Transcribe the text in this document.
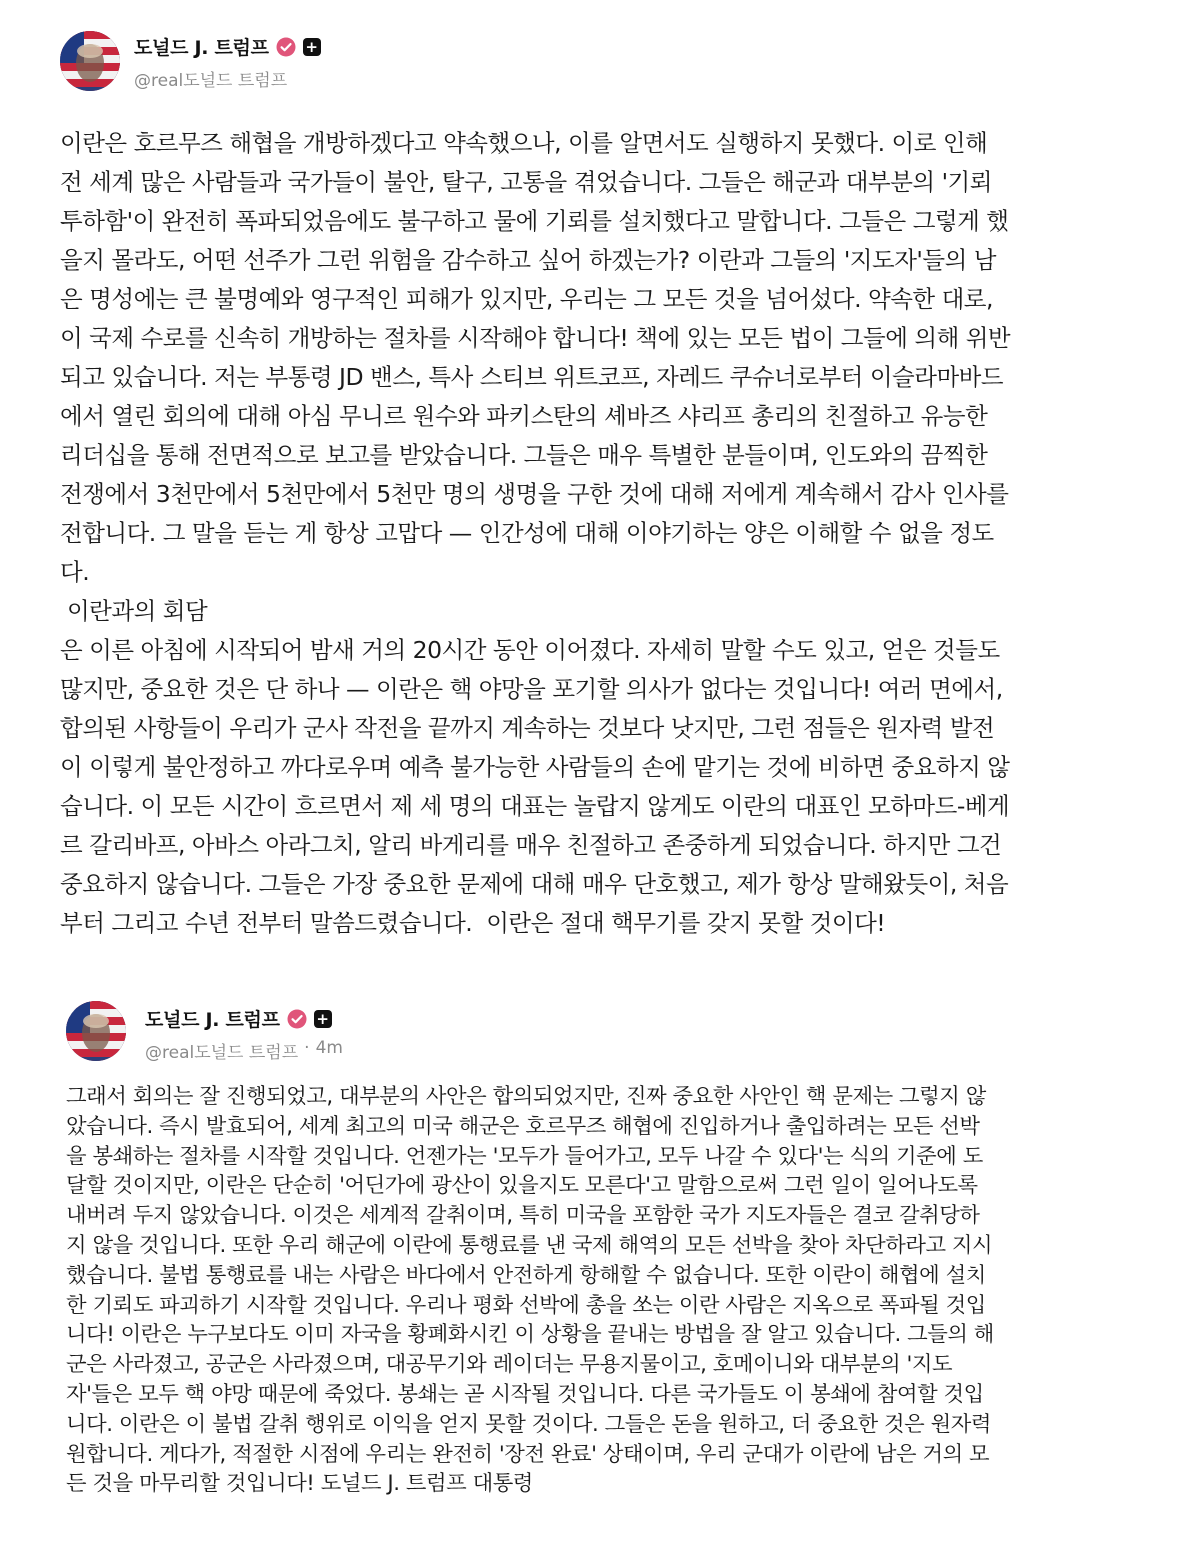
도널드 J. 트럼프 +
@real도널드 트럼프

이란은 호르무즈 해협을 개방하겠다고 약속했으나, 이를 알면서도 실행하지 못했다. 이로 인해
전 세계 많은 사람들과 국가들이 불안, 탈구, 고통을 겪었습니다. 그들은 해군과 대부분의 '기뢰
투하함'이 완전히 폭파되었음에도 불구하고 물에 기뢰를 설치했다고 말합니다. 그들은 그렇게 했
을지 몰라도, 어떤 선주가 그런 위험을 감수하고 싶어 하겠는가? 이란과 그들의 '지도자'들의 남
은 명성에는 큰 불명예와 영구적인 피해가 있지만, 우리는 그 모든 것을 넘어섰다. 약속한 대로,
이 국제 수로를 신속히 개방하는 절차를 시작해야 합니다! 책에 있는 모든 법이 그들에 의해 위반
되고 있습니다. 저는 부통령 JD 밴스, 특사 스티브 위트코프, 자레드 쿠슈너로부터 이슬라마바드
에서 열린 회의에 대해 아심 무니르 원수와 파키스탄의 셰바즈 샤리프 총리의 친절하고 유능한
리더십을 통해 전면적으로 보고를 받았습니다. 그들은 매우 특별한 분들이며, 인도와의 끔찍한
전쟁에서 3천만에서 5천만에서 5천만 명의 생명을 구한 것에 대해 저에게 계속해서 감사 인사를
전합니다. 그 말을 듣는 게 항상 고맙다 — 인간성에 대해 이야기하는 양은 이해할 수 없을 정도
다.
이란과의 회담
은 이른 아침에 시작되어 밤새 거의 20시간 동안 이어졌다. 자세히 말할 수도 있고, 얻은 것들도
많지만, 중요한 것은 단 하나 — 이란은 핵 야망을 포기할 의사가 없다는 것입니다! 여러 면에서,
합의된 사항들이 우리가 군사 작전을 끝까지 계속하는 것보다 낫지만, 그런 점들은 원자력 발전
이 이렇게 불안정하고 까다로우며 예측 불가능한 사람들의 손에 맡기는 것에 비하면 중요하지 않
습니다. 이 모든 시간이 흐르면서 제 세 명의 대표는 놀랍지 않게도 이란의 대표인 모하마드-베게
르 갈리바프, 아바스 아라그치, 알리 바게리를 매우 친절하고 존중하게 되었습니다. 하지만 그건
중요하지 않습니다. 그들은 가장 중요한 문제에 대해 매우 단호했고, 제가 항상 말해왔듯이, 처음
부터 그리고 수년 전부터 말씀드렸습니다.  이란은 절대 핵무기를 갖지 못할 것이다!

도널드 J. 트럼프 +
@real도널드 트럼프 · 4m

그래서 회의는 잘 진행되었고, 대부분의 사안은 합의되었지만, 진짜 중요한 사안인 핵 문제는 그렇지 않
았습니다. 즉시 발효되어, 세계 최고의 미국 해군은 호르무즈 해협에 진입하거나 출입하려는 모든 선박
을 봉쇄하는 절차를 시작할 것입니다. 언젠가는 '모두가 들어가고, 모두 나갈 수 있다'는 식의 기준에 도
달할 것이지만, 이란은 단순히 '어딘가에 광산이 있을지도 모른다'고 말함으로써 그런 일이 일어나도록
내버려 두지 않았습니다. 이것은 세계적 갈취이며, 특히 미국을 포함한 국가 지도자들은 결코 갈취당하
지 않을 것입니다. 또한 우리 해군에 이란에 통행료를 낸 국제 해역의 모든 선박을 찾아 차단하라고 지시
했습니다. 불법 통행료를 내는 사람은 바다에서 안전하게 항해할 수 없습니다. 또한 이란이 해협에 설치
한 기뢰도 파괴하기 시작할 것입니다. 우리나 평화 선박에 총을 쏘는 이란 사람은 지옥으로 폭파될 것입
니다! 이란은 누구보다도 이미 자국을 황폐화시킨 이 상황을 끝내는 방법을 잘 알고 있습니다. 그들의 해
군은 사라졌고, 공군은 사라졌으며, 대공무기와 레이더는 무용지물이고, 호메이니와 대부분의 '지도
자'들은 모두 핵 야망 때문에 죽었다. 봉쇄는 곧 시작될 것입니다. 다른 국가들도 이 봉쇄에 참여할 것입
니다. 이란은 이 불법 갈취 행위로 이익을 얻지 못할 것이다. 그들은 돈을 원하고, 더 중요한 것은 원자력
원합니다. 게다가, 적절한 시점에 우리는 완전히 '장전 완료' 상태이며, 우리 군대가 이란에 남은 거의 모
든 것을 마무리할 것입니다! 도널드 J. 트럼프 대통령
